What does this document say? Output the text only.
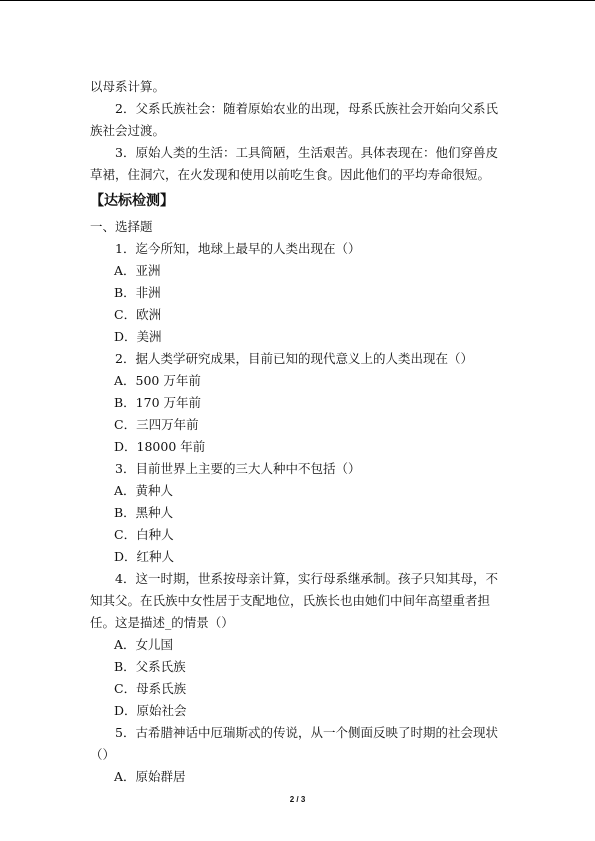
以母系计算。

2．父系氏族社会：随着原始农业的出现，母系氏族社会开始向父系氏族社会过渡。

3．原始人类的生活：工具简陋，生活艰苦。具体表现在：他们穿兽皮草裙，住洞穴，在火发现和使用以前吃生食。因此他们的平均寿命很短。

【达标检测】

一、选择题

1．迄今所知，地球上最早的人类出现在（）

A．亚洲

B．非洲

C．欧洲

D．美洲

2．据人类学研究成果，目前已知的现代意义上的人类出现在（）

A．500 万年前

B．170 万年前

C．三四万年前

D．18000 年前

3．目前世界上主要的三大人种中不包括（）

A．黄种人

B．黑种人

C．白种人

D．红种人

4．这一时期，世系按母亲计算，实行母系继承制。孩子只知其母，不知其父。在氏族中女性居于支配地位，氏族长也由她们中间年高望重者担任。这是描述_的情景（）

A．女儿国

B．父系氏族

C．母系氏族

D．原始社会

5．古希腊神话中厄瑞斯忒的传说，从一个侧面反映了时期的社会现状（）

A．原始群居

2 / 3
